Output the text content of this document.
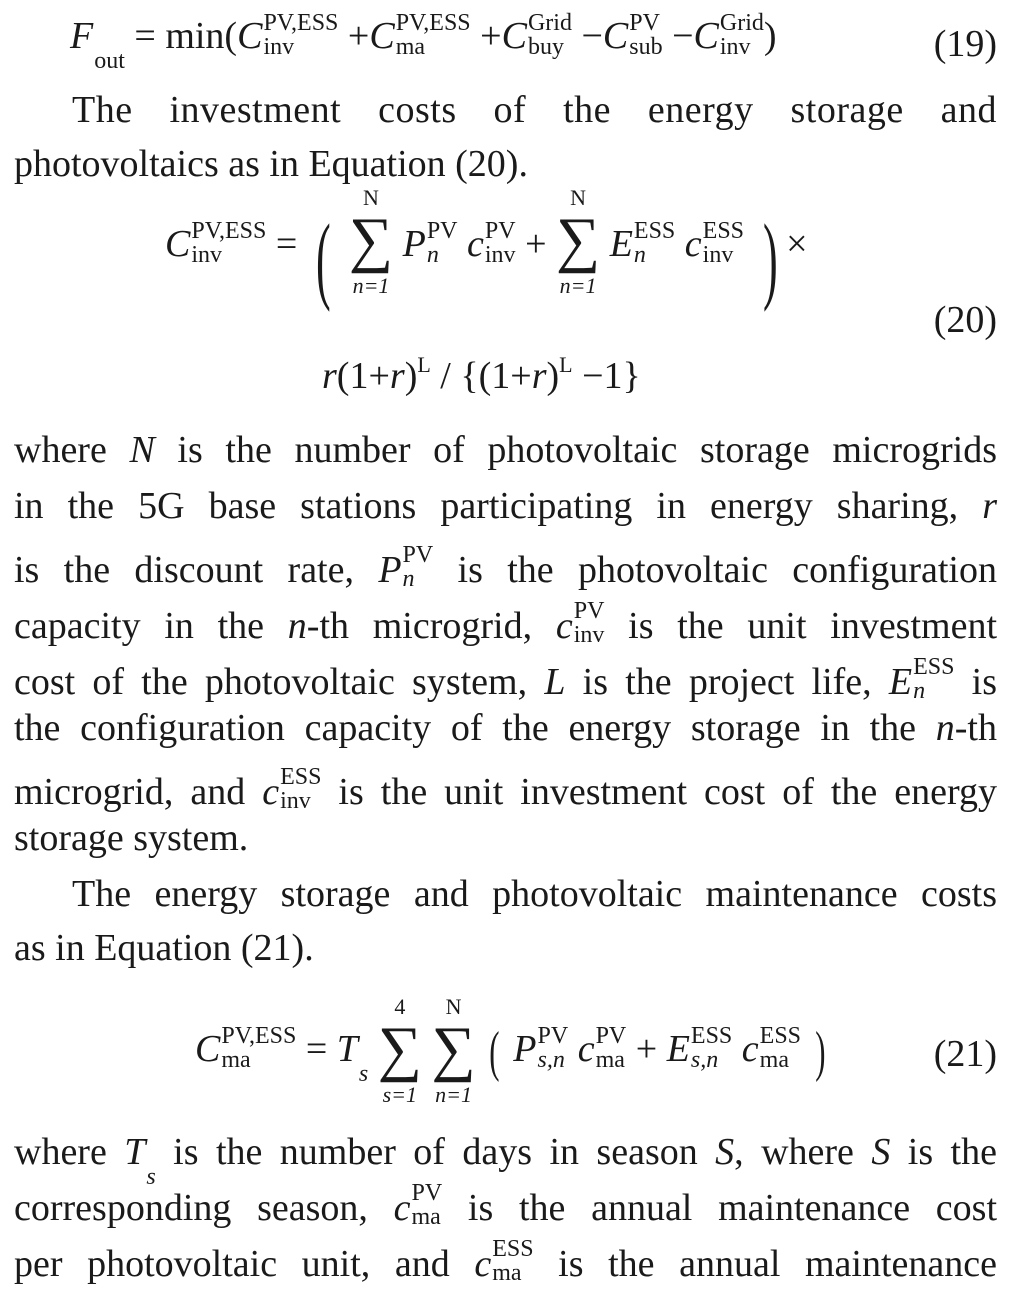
F
out
= min(C PV,ESS
inv	+C PV,ESS
ma	+C Grid
buy −C PV
sub −C Grid
inv )	(19)
The investment costs of the energy storage and
photovoltaics as in Equation (20).
C PV,ESS
inv	= ( ∑
N
n=1
P PV
n c PV
inv + ∑
N
n=1
E ESS
n	c ESS
inv ) ×
(20)
$r(1+r)^L / \{(1+r)^L -1\}$
where N is the number of photovoltaic storage microgrids
in the 5G base stations participating in energy sharing, r
is the discount rate, P PV
n is the photovoltaic configuration
capacity in the n-th microgrid, c PV
inv is the unit investment
cost of the photovoltaic system, L is the project life, E ESS
n is
the configuration capacity of the energy storage in the n-th
microgrid, and c ESS
inv is the unit investment cost of the energy
storage system.
The energy storage and photovoltaic maintenance costs
as in Equation (21).
C PV,ESS
ma	= T
s ∑
4
s=1
∑
N
n=1
( P PV
s,n c PV
ma + E ESS
s,n c ESS
ma )	(21)
where T
s
is the number of days in season S, where S is the
corresponding season, c PV
ma is the annual maintenance cost
per photovoltaic unit, and c ESS
ma is the annual maintenance
